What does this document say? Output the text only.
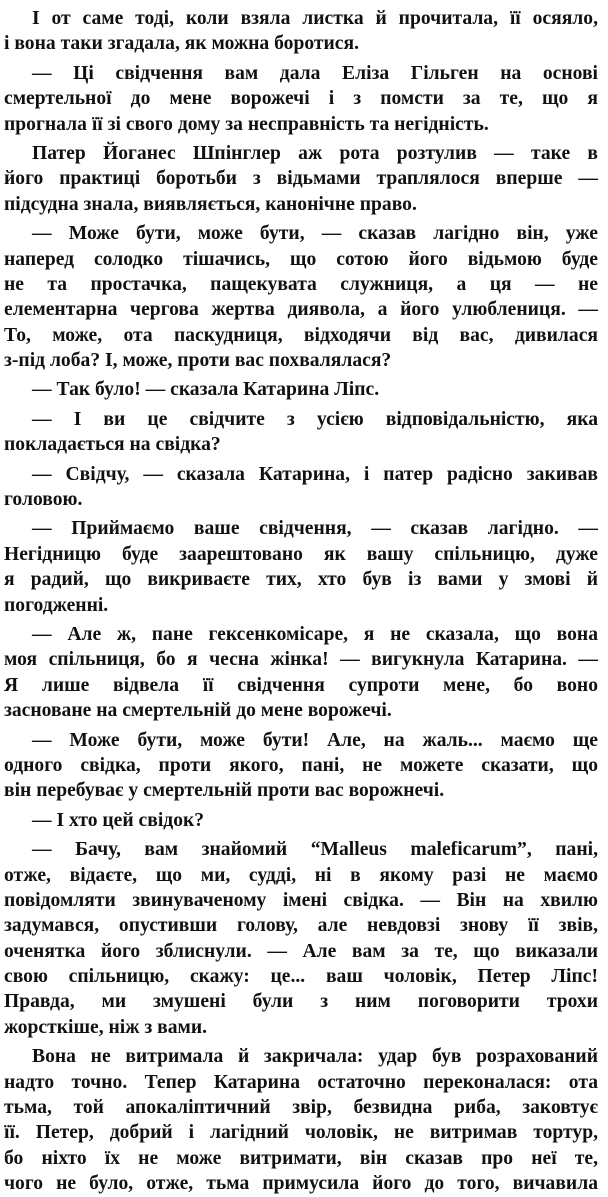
І от саме тоді, коли взяла листка й прочитала, її осяяло,
і вона таки згадала, як можна боротися.
— Ці свідчення вам дала Еліза Гільген на основі
смертельної до мене ворожечі і з помсти за те, що я
прогнала її зі свого дому за несправність та негідність.
Патер Йоганес Шпінглер аж рота розтулив — таке в
його практиці боротьби з відьмами траплялося вперше —
підсудна знала, виявляється, канонічне право.
— Може бути, може бути, — сказав лагідно він, уже
наперед солодко тішачись, що сотою його відьмою буде
не та простачка, пащекувата служниця, а ця — не
елементарна чергова жертва диявола, а його улюблениця. —
То, може, ота паскудниця, відходячи від вас, дивилася
з-під лоба? І, може, проти вас похвалялася?
— Так було! — сказала Катарина Ліпс.
— І ви це свідчите з усією відповідальністю, яка
покладається на свідка?
— Свідчу, — сказала Катарина, і патер радісно закивав
головою.
— Приймаємо ваше свідчення, — сказав лагідно. —
Негідницю буде заарештовано як вашу спільницю, дуже
я радий, що викриваєте тих, хто був із вами у змові й
погодженні.
— Але ж, пане гексенкомісаре, я не сказала, що вона
моя спільниця, бо я чесна жінка! — вигукнула Катарина. —
Я лише відвела її свідчення супроти мене, бо воно
засноване на смертельній до мене ворожечі.
— Може бути, може бути! Але, на жаль... маємо ще
одного свідка, проти якого, пані, не можете сказати, що
він перебуває у смертельній проти вас ворожнечі.
— І хто цей свідок?
— Бачу, вам знайомий “Malleus maleficarum”, пані,
отже, відаєте, що ми, судді, ні в якому разі не маємо
повідомляти звинуваченому імені свідка. — Він на хвилю
задумався, опустивши голову, але невдовзі знову її звів,
оченятка його зблиснули. — Але вам за те, що виказали
свою спільницю, скажу: це... ваш чоловік, Петер Ліпс!
Правда, ми змушені були з ним поговорити трохи
жорсткіше, ніж з вами.
Вона не витримала й закричала: удар був розрахований
надто точно. Тепер Катарина остаточно переконалася: ота
тьма, той апокаліптичний звір, безвидна риба, заковтує
її. Петер, добрий і лагідний чоловік, не витримав тортур,
бо ніхто їх не може витримати, він сказав про неї те,
чого не було, отже, тьма примусила його до того, вичавила
